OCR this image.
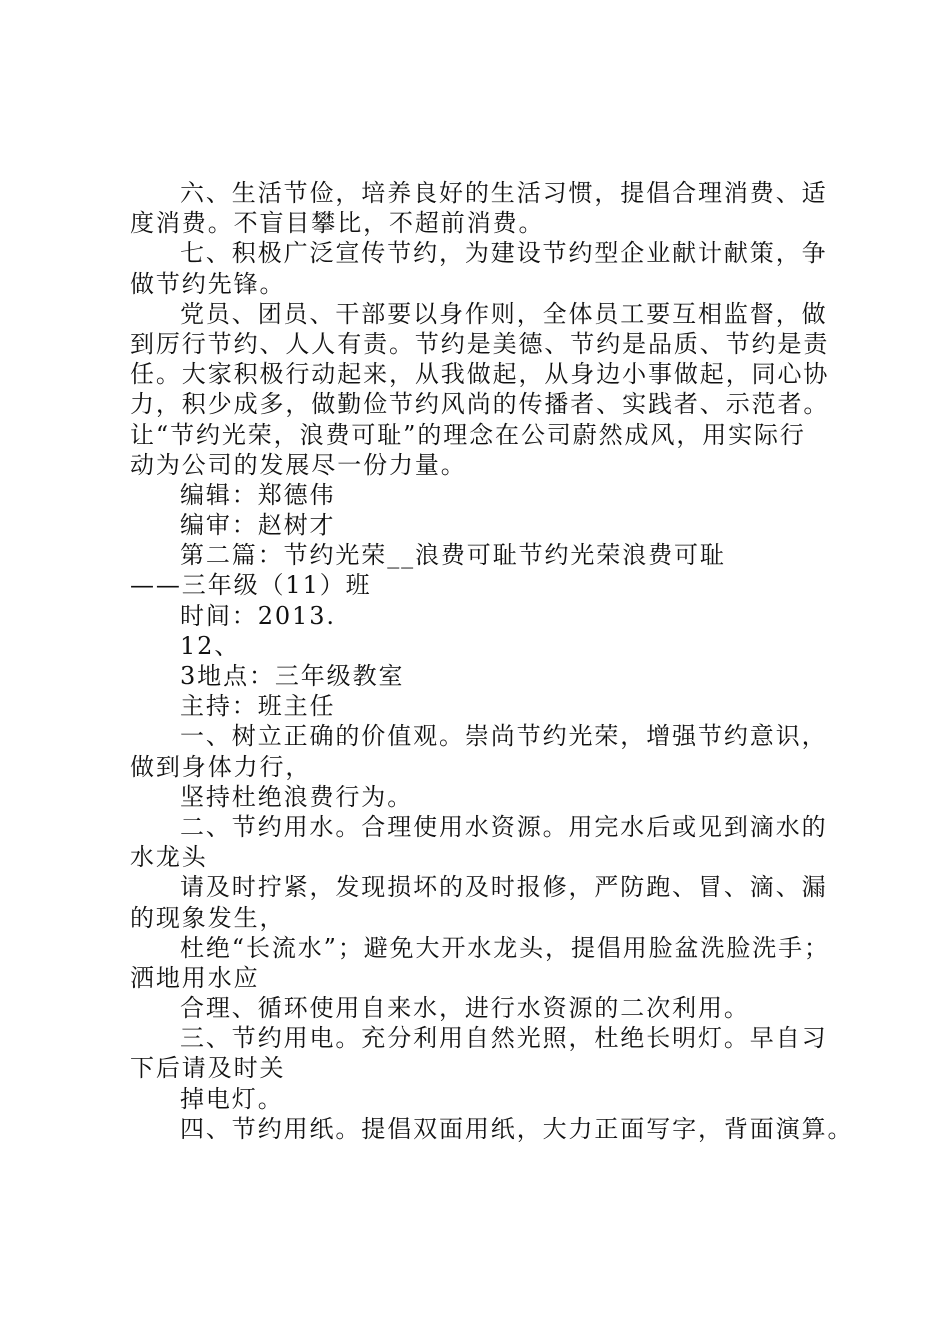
六、生活节俭，培养良好的生活习惯，提倡合理消费、适
度消费。不盲目攀比，不超前消费。
七、积极广泛宣传节约，为建设节约型企业献计献策，争
做节约先锋。
党员、团员、干部要以身作则，全体员工要互相监督，做
到厉行节约、人人有责。节约是美德、节约是品质、节约是责
任。大家积极行动起来，从我做起，从身边小事做起，同心协
力，积少成多，做勤俭节约风尚的传播者、实践者、示范者。
让“节约光荣，浪费可耻”的理念在公司蔚然成风，用实际行
动为公司的发展尽一份力量。
编辑：郑德伟
编审：赵树才
第二篇：节约光荣__浪费可耻节约光荣浪费可耻
——三年级（11）班
时间：2013.
12、
3地点：三年级教室
主持：班主任
一、树立正确的价值观。崇尚节约光荣，增强节约意识，
做到身体力行，
坚持杜绝浪费行为。
二、节约用水。合理使用水资源。用完水后或见到滴水的
水龙头
请及时拧紧，发现损坏的及时报修，严防跑、冒、滴、漏
的现象发生，
杜绝“长流水”；避免大开水龙头，提倡用脸盆洗脸洗手；
洒地用水应
合理、循环使用自来水，进行水资源的二次利用。
三、节约用电。充分利用自然光照，杜绝长明灯。早自习
下后请及时关
掉电灯。
四、节约用纸。提倡双面用纸，大力正面写字，背面演算。
